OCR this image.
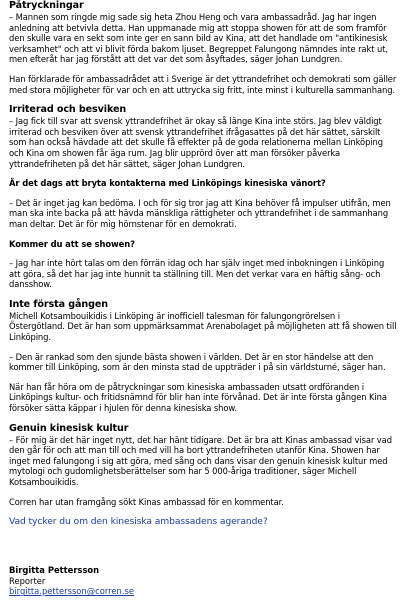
Påtryckningar

– Mannen som ringde mig sade sig heta Zhou Heng och vara ambassadråd. Jag har ingen anledning att betvivla detta. Han uppmanade mig att stoppa showen för att de som framför den skulle vara en sekt som inte ger en sann bild av Kina, att det handlade om "antikinesisk verksamhet" och att vi blivit förda bakom ljuset. Begreppet Falungong nämndes inte rakt ut, men efteråt har jag förstått att det var det som åsyftades, säger Johan Lundgren.

Han förklarade för ambassadrådet att i Sverige är det yttrandefrihet och demokrati som gäller med stora möjligheter för var och en att uttrycka sig fritt, inte minst i kulturella sammanhang.

Irriterad och besviken

– Jag fick till svar att svensk yttrandefrihet är okay så länge Kina inte störs. Jag blev väldigt irriterad och besviken över att svensk yttrandefrihet ifrågasattes på det här sättet, särskilt som han också hävdade att det skulle få effekter på de goda relationerna mellan Linköping och Kina om showen får äga rum. Jag blir upprörd över att man försöker påverka yttrandefriheten på det här sättet, säger Johan Lundgren.

Är det dags att bryta kontakterna med Linköpings kinesiska vänort?

– Det är inget jag kan bedöma. I och för sig tror jag att Kina behöver få impulser utifrån, men man ska inte backa på att hävda mänskliga rättigheter och yttrandefrihet i de sammanhang man deltar. Det är för mig hörnstenar för en demokrati.

Kommer du att se showen?

– Jag har inte hört talas om den förrän idag och har själv inget med inbokningen i Linköping att göra, så det har jag inte hunnit ta ställning till. Men det verkar vara en häftig sång- och dansshow.

Inte första gången

Michell Kotsambouikidis i Linköping är inofficiell talesman för falungongrörelsen i Östergötland. Det är han som uppmärksammat Arenabolaget på möjligheten att få showen till Linköping.

– Den är rankad som den sjunde bästa showen i världen. Det är en stor händelse att den kommer till Linköping, som är den minsta stad de uppträder i på sin världsturné, säger han.

När han får höra om de påtryckningar som kinesiska ambassaden utsatt ordföranden i Linköpings kultur- och fritidsnämnd för blir han inte förvånad. Det är inte första gången Kina försöker sätta käppar i hjulen för denna kinesiska show.

Genuin kinesisk kultur

– För mig är det här inget nytt, det har hänt tidigare. Det är bra att Kinas ambassad visar vad den går för och att man till och med vill ha bort yttrandefriheten utanför Kina. Showen har inget med falungong i sig att göra, med sång och dans visar den genuin kinesisk kultur med mytologi och gudomlighetsberättelser som har 5 000-åriga traditioner, säger Michell Kotsambouikidis.

Corren har utan framgång sökt Kinas ambassad för en kommentar.

Vad tycker du om den kinesiska ambassadens agerande?

Birgitta Pettersson
Reporter
birgitta.pettersson@corren.se
